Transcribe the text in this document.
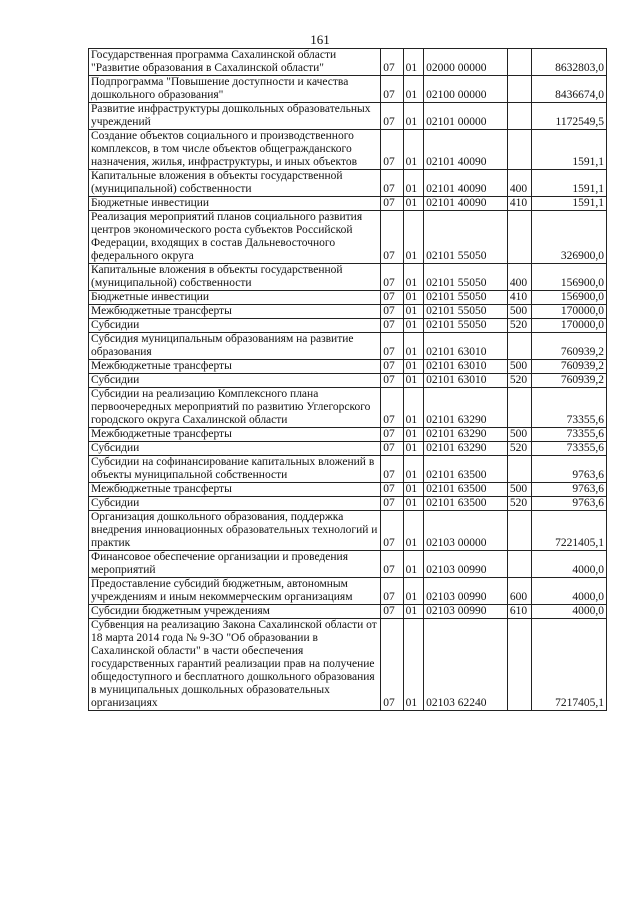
161
Государственная программа Сахалинской области "Развитие образования в Сахалинской области"	07	01	02000 00000		8632803,0
Подпрограмма "Повышение доступности и качества дошкольного образования"	07	01	02100 00000		8436674,0
Развитие инфраструктуры дошкольных образовательных учреждений	07	01	02101 00000		1172549,5
Создание объектов социального и производственного комплексов, в том числе объектов общегражданского назначения, жилья, инфраструктуры, и иных объектов	07	01	02101 40090		1591,1
Капитальные вложения в объекты государственной (муниципальной) собственности	07	01	02101 40090	400	1591,1
Бюджетные инвестиции	07	01	02101 40090	410	1591,1
Реализация мероприятий планов социального развития центров экономического роста субъектов Российской Федерации, входящих в состав Дальневосточного федерального округа	07	01	02101 55050		326900,0
Капитальные вложения в объекты государственной (муниципальной) собственности	07	01	02101 55050	400	156900,0
Бюджетные инвестиции	07	01	02101 55050	410	156900,0
Межбюджетные трансферты	07	01	02101 55050	500	170000,0
Субсидии	07	01	02101 55050	520	170000,0
Субсидия муниципальным образованиям на развитие образования	07	01	02101 63010		760939,2
Межбюджетные трансферты	07	01	02101 63010	500	760939,2
Субсидии	07	01	02101 63010	520	760939,2
Субсидии на реализацию Комплексного плана первоочередных мероприятий по развитию Углегорского городского округа Сахалинской области	07	01	02101 63290		73355,6
Межбюджетные трансферты	07	01	02101 63290	500	73355,6
Субсидии	07	01	02101 63290	520	73355,6
Субсидии на софинансирование капитальных вложений в объекты муниципальной собственности	07	01	02101 63500		9763,6
Межбюджетные трансферты	07	01	02101 63500	500	9763,6
Субсидии	07	01	02101 63500	520	9763,6
Организация дошкольного образования, поддержка внедрения инновационных образовательных технологий и практик	07	01	02103 00000		7221405,1
Финансовое обеспечение организации и проведения мероприятий	07	01	02103 00990		4000,0
Предоставление субсидий бюджетным, автономным учреждениям и иным некоммерческим организациям	07	01	02103 00990	600	4000,0
Субсидии бюджетным учреждениям	07	01	02103 00990	610	4000,0
Субвенция на реализацию Закона Сахалинской области от 18 марта 2014 года № 9-ЗО "Об образовании в Сахалинской области" в части обеспечения государственных гарантий реализации прав на получение общедоступного и бесплатного дошкольного образования в муниципальных дошкольных образовательных организациях	07	01	02103 62240		7217405,1
